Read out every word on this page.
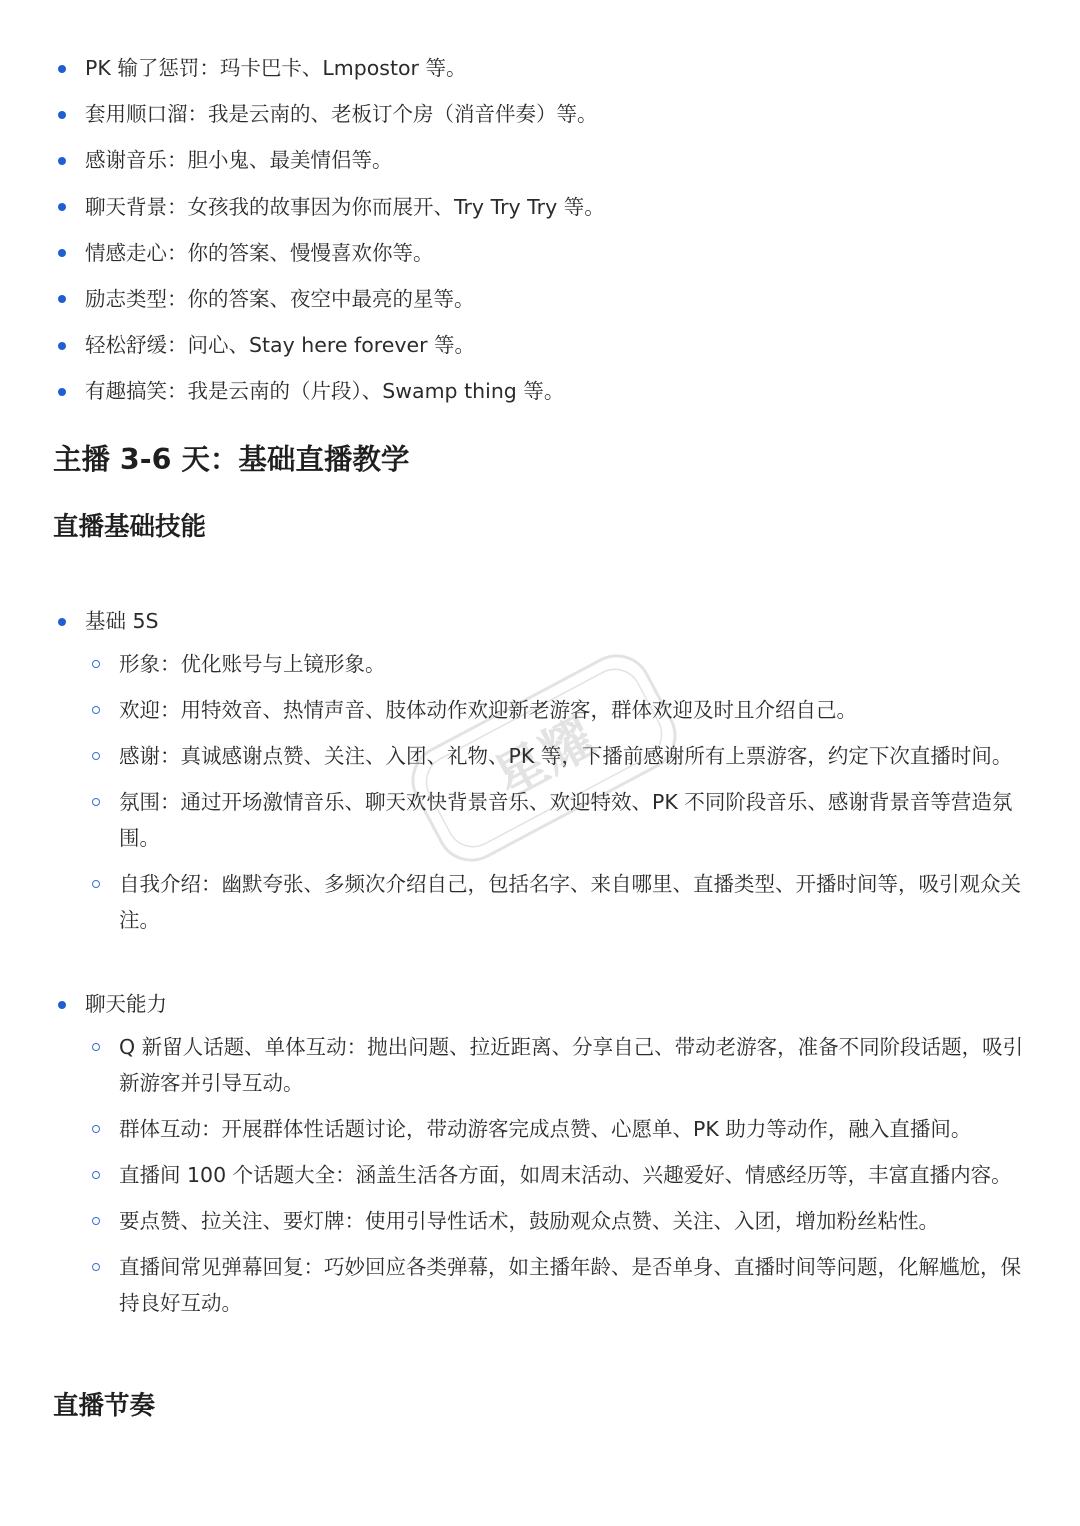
PK 输了惩罚：玛卡巴卡、Lmpostor 等。
套用顺口溜：我是云南的、老板订个房（消音伴奏）等。
感谢音乐：胆小鬼、最美情侣等。
聊天背景：女孩我的故事因为你而展开、Try Try Try 等。
情感走心：你的答案、慢慢喜欢你等。
励志类型：你的答案、夜空中最亮的星等。
轻松舒缓：问心、Stay here forever 等。
有趣搞笑：我是云南的（片段）、Swamp thing 等。
主播 3-6 天：基础直播教学
直播基础技能
基础 5S
形象：优化账号与上镜形象。
欢迎：用特效音、热情声音、肢体动作欢迎新老游客，群体欢迎及时且介绍自己。
感谢：真诚感谢点赞、关注、入团、礼物、PK 等，下播前感谢所有上票游客，约定下次直播时间。
氛围：通过开场激情音乐、聊天欢快背景音乐、欢迎特效、PK 不同阶段音乐、感谢背景音等营造氛围。
自我介绍：幽默夸张、多频次介绍自己，包括名字、来自哪里、直播类型、开播时间等，吸引观众关注。
聊天能力
Q 新留人话题、单体互动：抛出问题、拉近距离、分享自己、带动老游客，准备不同阶段话题，吸引新游客并引导互动。
群体互动：开展群体性话题讨论，带动游客完成点赞、心愿单、PK 助力等动作，融入直播间。
直播间 100 个话题大全：涵盖生活各方面，如周末活动、兴趣爱好、情感经历等，丰富直播内容。
要点赞、拉关注、要灯牌：使用引导性话术，鼓励观众点赞、关注、入团，增加粉丝粘性。
直播间常见弹幕回复：巧妙回应各类弹幕，如主播年龄、是否单身、直播时间等问题，化解尴尬，保持良好互动。
直播节奏
星耀
